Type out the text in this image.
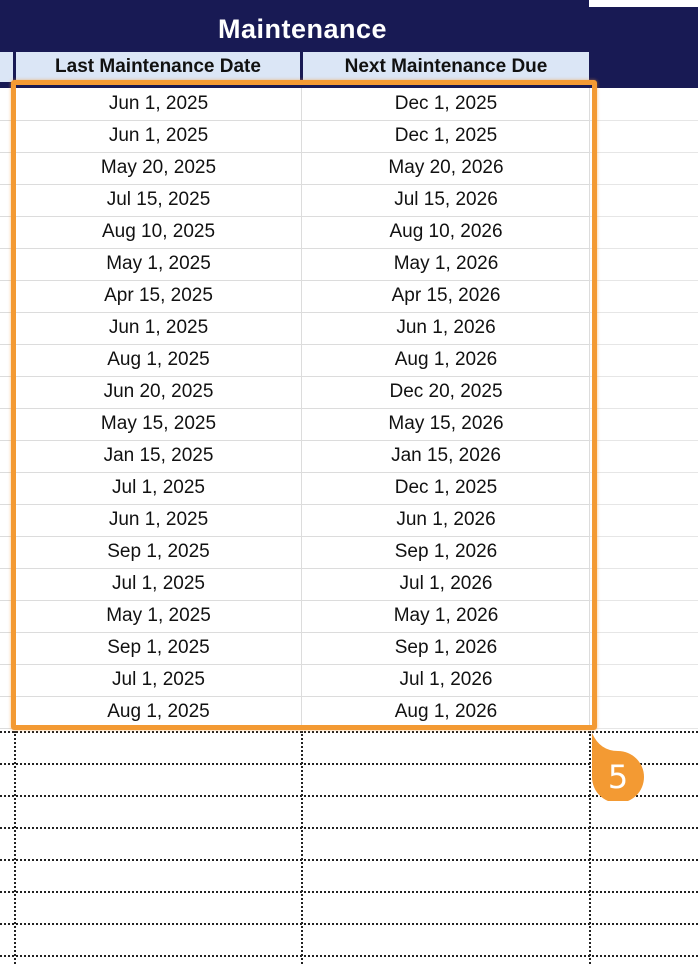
Maintenance
Last Maintenance Date	Next Maintenance Due
Jun 1, 2025	Dec 1, 2025
Jun 1, 2025	Dec 1, 2025
May 20, 2025	May 20, 2026
Jul 15, 2025	Jul 15, 2026
Aug 10, 2025	Aug 10, 2026
May 1, 2025	May 1, 2026
Apr 15, 2025	Apr 15, 2026
Jun 1, 2025	Jun 1, 2026
Aug 1, 2025	Aug 1, 2026
Jun 20, 2025	Dec 20, 2025
May 15, 2025	May 15, 2026
Jan 15, 2025	Jan 15, 2026
Jul 1, 2025	Dec 1, 2025
Jun 1, 2025	Jun 1, 2026
Sep 1, 2025	Sep 1, 2026
Jul 1, 2025	Jul 1, 2026
May 1, 2025	May 1, 2026
Sep 1, 2025	Sep 1, 2026
Jul 1, 2025	Jul 1, 2026
Aug 1, 2025	Aug 1, 2026
5
